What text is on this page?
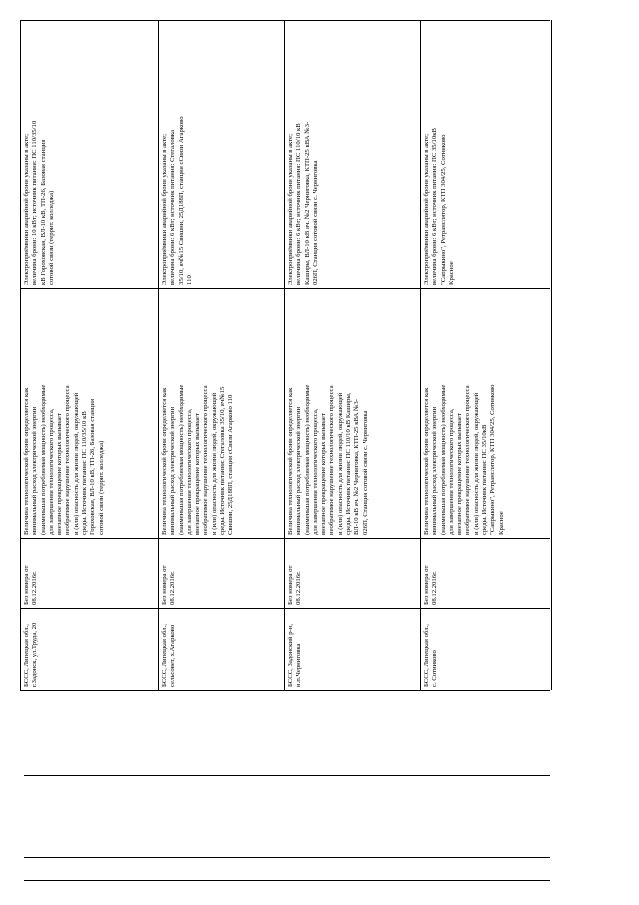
Электроприёмники аварийной брони указаны в акте;
величина брони: 10 кВт; источник питания: ПС 110/35/10
кВ Гороховская, ВЛ-10 кВ, ТП-26, Базовая станция
сотовой связи (террит. колледжа)
Величина технологической брони определяется как
минимальный расход электрической энергии
(наименьшая потребляемая мощность) необходимые
для завершения технологического процесса,
внезапное прекращение которых вызывает
необратимое нарушение технологического процесса
и (или) опасность для жизни людей, окружающей
среды. Источник питания: ПС 110/35/10 кВ
Гороховская, ВЛ-10 кВ, ТП-26, Базовая станция
сотовой связи (террит. колледжа)
Без номера от
08.12.2016г.
БССС, Липецкая обл.,
г.Задонск, ул.Труда, 20
Электроприёмники аварийной брони указаны в акте;
величина брони: 6 кВт; источник питания: Стегаловка
35/10, яч№15 Свишни, 25Д188П, станция сСвязи Агарково
110
Величина технологической брони определяется как
минимальный расход электрической энергии
(наименьшая потребляемая мощность) необходимые
для завершения технологического процесса,
внезапное прекращение которых вызывает
необратимое нарушение технологического процесса
и (или) опасность для жизни людей, окружающей
среды. Источник питания: Стегаловка 35/10, яч№15
Свишни, 25Д188П, станция сСвязи Агарково 110
Без номера от
08.12.2016г.
БССС, Липецкая обл.,
сельсовет, х.Агарково
Электроприёмники аварийной брони указаны в акте;
величина брони: 6 кВт; источник питания: ПС 110/10 кВ
Каширы, ВЛ-10 кВ яч. №2 Черниговка, КТП-25 кВА №3-
026П, Станция сотовой связи с. Черниговка
Величина технологической брони определяется как
минимальный расход электрической энергии
(наименьшая потребляемая мощность) необходимые
для завершения технологического процесса,
внезапное прекращение которых вызывает
необратимое нарушение технологического процесса
и (или) опасность для жизни людей, окружающей
среды. Источник питания: ПС 110/10 кВ Каширы,
ВЛ-10 кВ яч. №2 Черниговка, КТП-25 кВА №3-
026П, Станция сотовой связи с. Черниговка
Без номера от
08.12.2016г.
БССС, Задонский р-н,
н.п.Черниговка
Электроприёмники аварийной брони указаны в акте;
величина брони: 6 кВт; источник питания: ПС 35/10кВ
"Сапрыкино", Ретранслятор, КТП 304/25, Сотниково
Красное
Величина технологической брони определяется как
минимальный расход электрической энергии
(наименьшая потребляемая мощность) необходимые
для завершения технологического процесса,
внезапное прекращение которых вызывает
необратимое нарушение технологического процесса
и (или) опасность для жизни людей, окружающей
среды. Источник питания: ПС 35/10кВ
"Сапрыкино", Ретранслятор, КТП 304/25, Сотниково
Красное
Без номера от
08.12.2016г.
БССС, Липецкая обл.,
с. Сотниково
